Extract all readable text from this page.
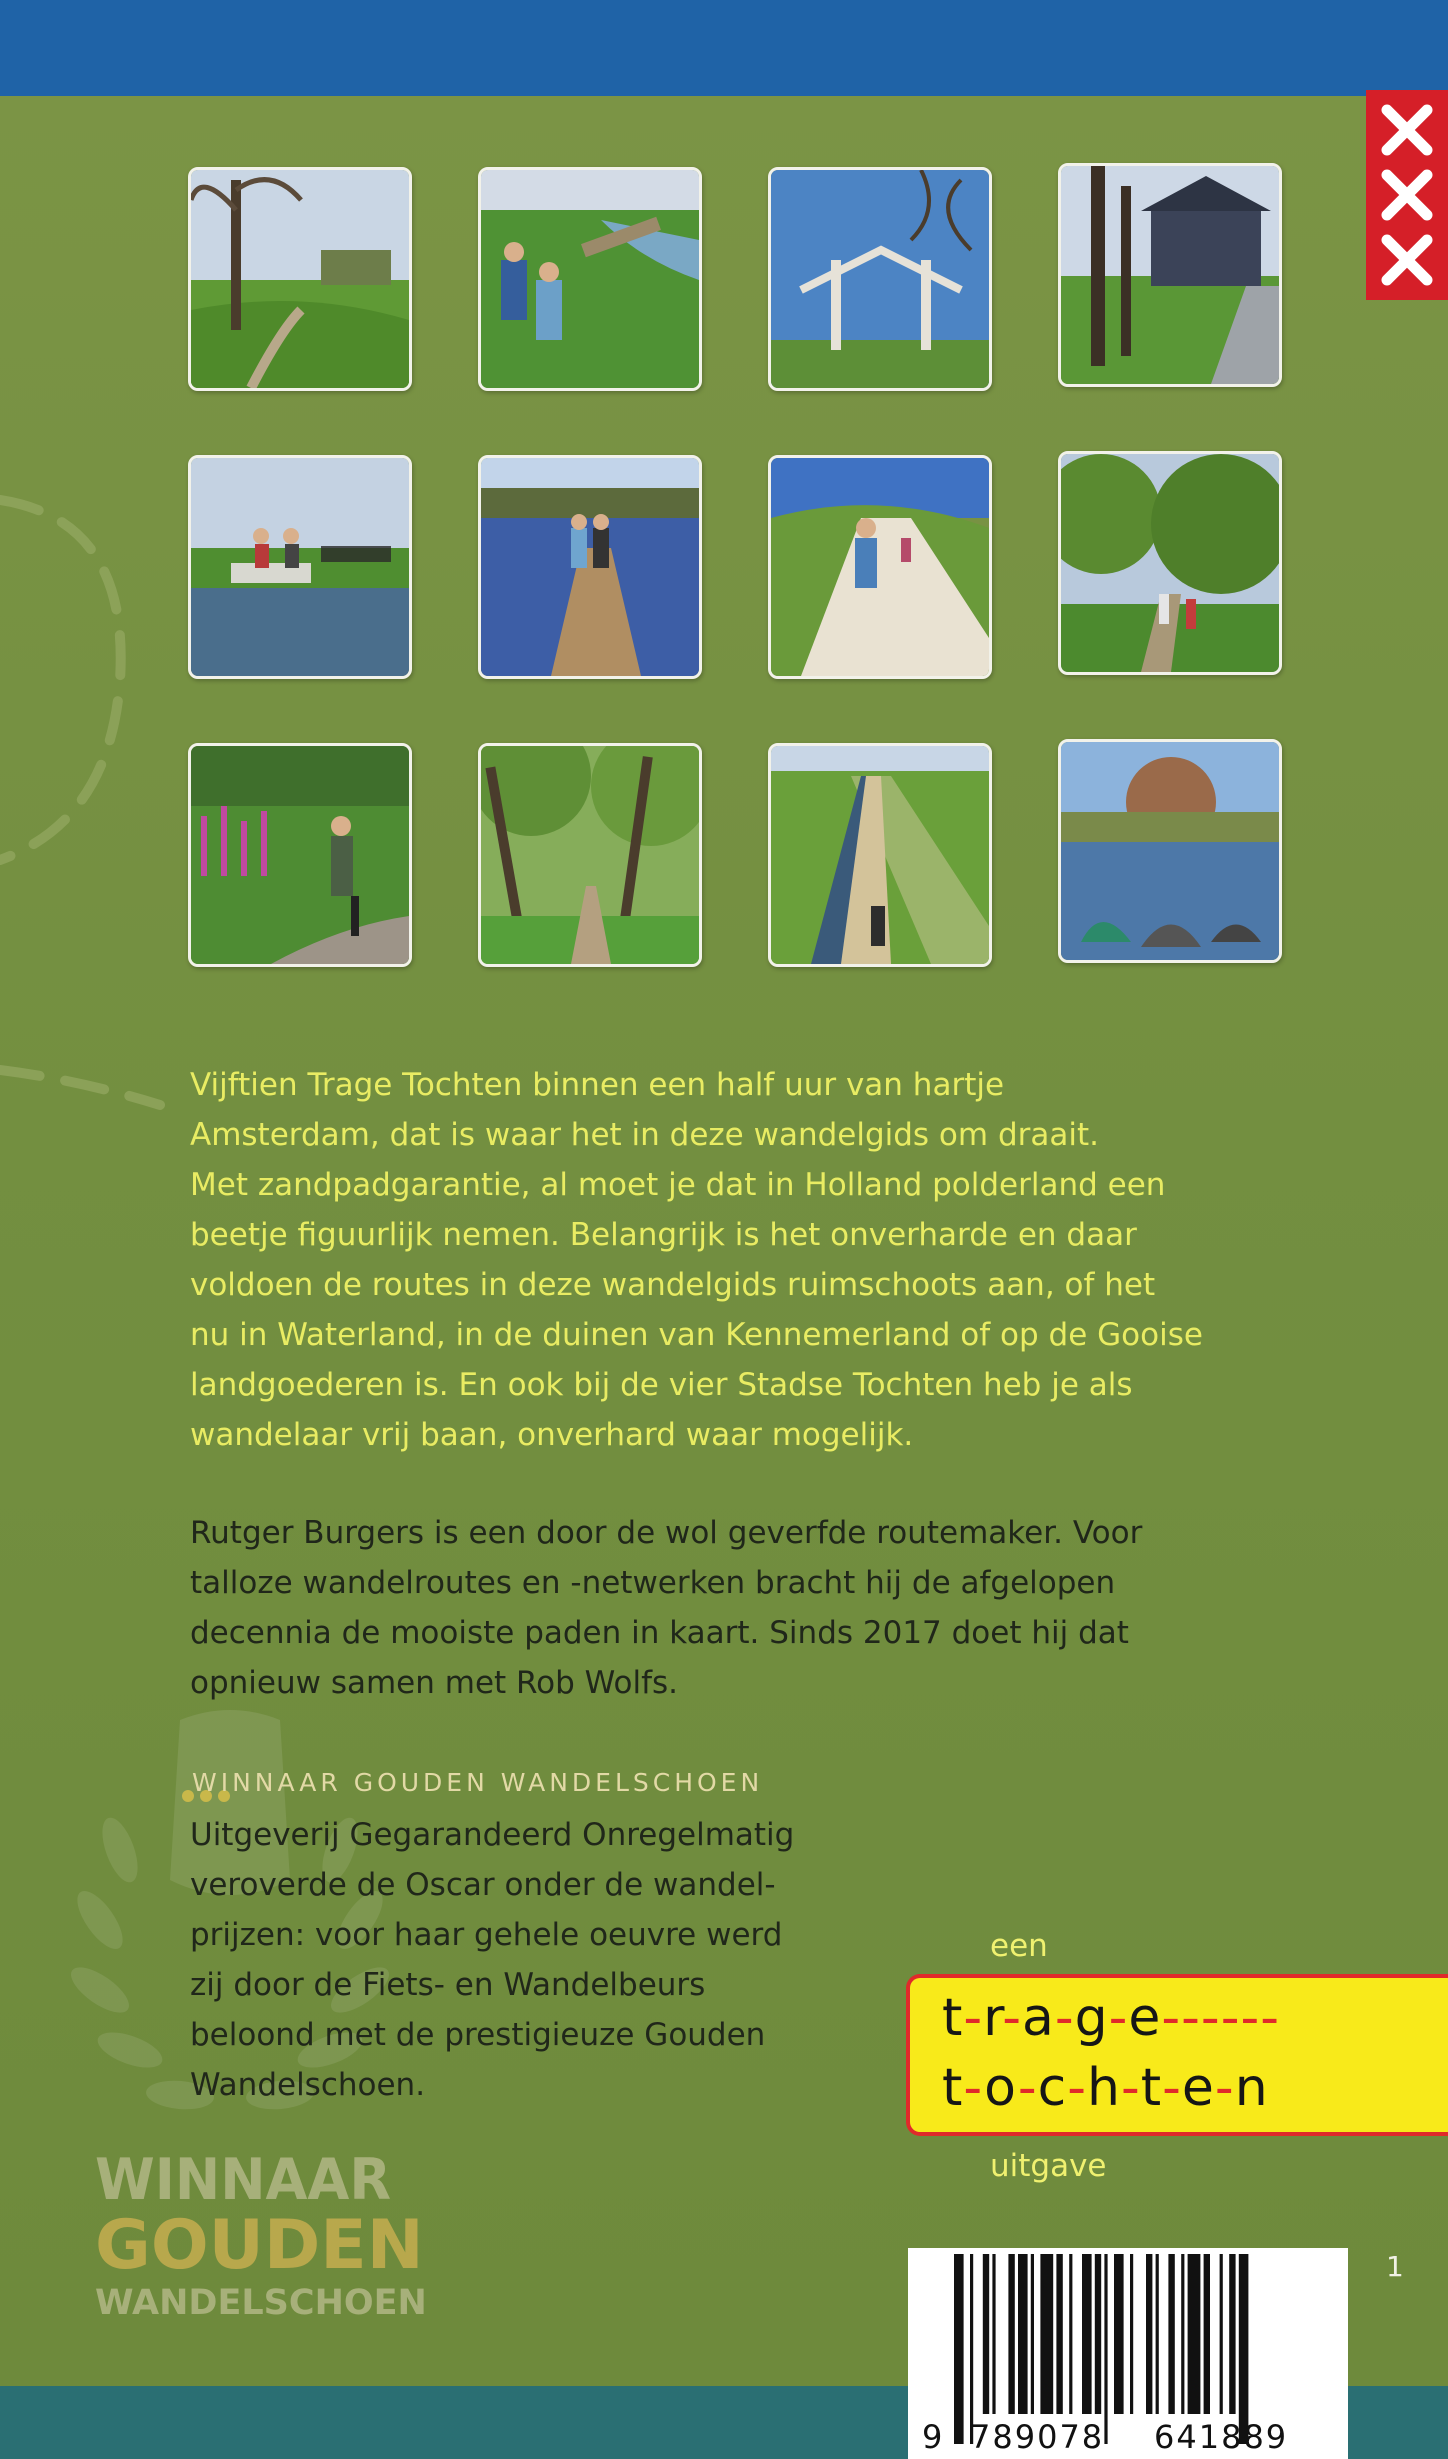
Vijftien Trage Tochten binnen een half uur van hartje
Amsterdam, dat is waar het in deze wandelgids om draait.
Met zandpadgarantie, al moet je dat in Holland polderland een
beetje figuurlijk nemen. Belangrijk is het onverharde en daar
voldoen de routes in deze wandelgids ruimschoots aan, of het
nu in Waterland, in de duinen van Kennemerland of op de Gooise
landgoederen is. En ook bij de vier Stadse Tochten heb je als
wandelaar vrij baan, onverhard waar mogelijk.
Rutger Burgers is een door de wol geverfde routemaker. Voor
talloze wandelroutes en -netwerken bracht hij de afgelopen
decennia de mooiste paden in kaart. Sinds 2017 doet hij dat
opnieuw samen met Rob Wolfs.
WINNAAR
GOUDEN
WANDELSCHOEN
WINNAAR GOUDEN WANDELSCHOEN
Uitgeverij Gegarandeerd Onregelmatig
veroverde de Oscar onder de wandel-
prijzen: voor haar gehele oeuvre werd
zij door de Fiets- en Wandelbeurs
beloond met de prestigieuze Gouden
Wandelschoen.
een
t-r-a-g-e------
t-o-c-h-t-e-n
uitgave
9 789078 641889
1
